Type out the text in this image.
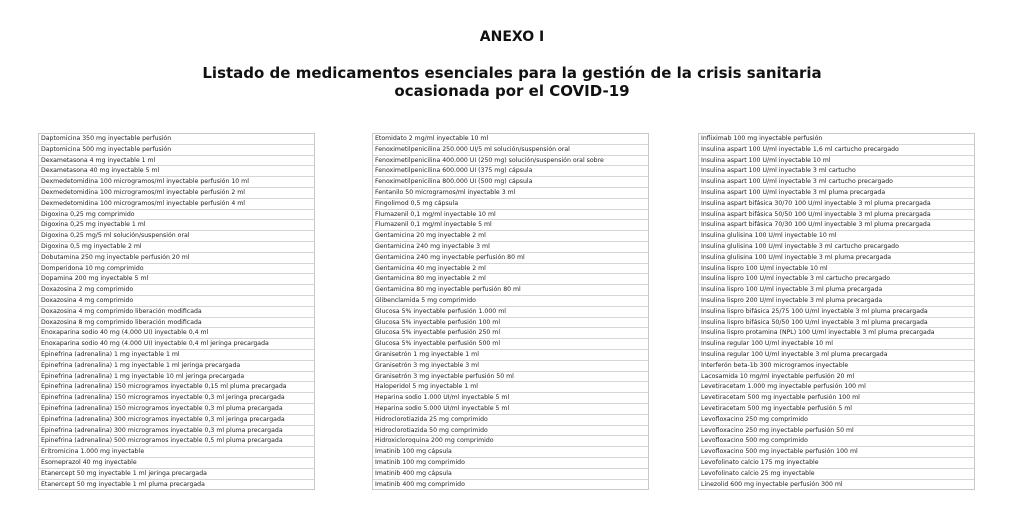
ANEXO I
Listado de medicamentos esenciales para la gestión de la crisis sanitaria
ocasionada por el COVID-19
Daptomicina 350 mg inyectable perfusión
Daptomicina 500 mg inyectable perfusión
Dexametasona 4 mg inyectable 1 ml
Dexametasona 40 mg inyectable 5 ml
Dexmedetomidina 100 microgramos/ml inyectable perfusión 10 ml
Dexmedetomidina 100 microgramos/ml inyectable perfusión 2 ml
Dexmedetomidina 100 microgramos/ml inyectable perfusión 4 ml
Digoxina 0,25 mg comprimido
Digoxina 0,25 mg inyectable 1 ml
Digoxina 0,25 mg/5 ml solución/suspensión oral
Digoxina 0,5 mg inyectable 2 ml
Dobutamina 250 mg inyectable perfusión 20 ml
Domperidona 10 mg comprimido
Dopamina 200 mg inyectable 5 ml
Doxazosina 2 mg comprimido
Doxazosina 4 mg comprimido
Doxazosina 4 mg comprimido liberación modificada
Doxazosina 8 mg comprimido liberación modificada
Enoxaparina sodio 40 mg (4.000 UI) inyectable 0,4 ml
Enoxaparina sodio 40 mg (4.000 UI) inyectable 0,4 ml jeringa precargada
Epinefrina (adrenalina) 1 mg inyectable 1 ml
Epinefrina (adrenalina) 1 mg inyectable 1 ml jeringa precargada
Epinefrina (adrenalina) 1 mg inyectable 10 ml jeringa precargada
Epinefrina (adrenalina) 150 microgramos inyectable 0,15 ml pluma precargada
Epinefrina (adrenalina) 150 microgramos inyectable 0,3 ml jeringa precargada
Epinefrina (adrenalina) 150 microgramos inyectable 0,3 ml pluma precargada
Epinefrina (adrenalina) 300 microgramos inyectable 0,3 ml jeringa precargada
Epinefrina (adrenalina) 300 microgramos inyectable 0,3 ml pluma precargada
Epinefrina (adrenalina) 500 microgramos inyectable 0,5 ml pluma precargada
Eritromicina 1.000 mg inyectable
Esomeprazol 40 mg inyectable
Etanercept 50 mg inyectable 1 ml jeringa precargada
Etanercept 50 mg inyectable 1 ml pluma precargada
Etomidato 2 mg/ml inyectable 10 ml
Fenoximetilpenicilina 250.000 UI/5 ml solución/suspensión oral
Fenoximetilpenicilina 400.000 UI (250 mg) solución/suspensión oral sobre
Fenoximetilpenicilina 600.000 UI (375 mg) cápsula
Fenoximetilpenicilina 800.000 UI (500 mg) cápsula
Fentanilo 50 microgramos/ml inyectable 3 ml
Fingolimod 0,5 mg cápsula
Flumazenil 0,1 mg/ml inyectable 10 ml
Flumazenil 0,1 mg/ml inyectable 5 ml
Gentamicina 20 mg inyectable 2 ml
Gentamicina 240 mg inyectable 3 ml
Gentamicina 240 mg inyectable perfusión 80 ml
Gentamicina 40 mg inyectable 2 ml
Gentamicina 80 mg inyectable 2 ml
Gentamicina 80 mg inyectable perfusión 80 ml
Glibenclamida 5 mg comprimido
Glucosa 5% inyectable perfusión 1.000 ml
Glucosa 5% inyectable perfusión 100 ml
Glucosa 5% inyectable perfusión 250 ml
Glucosa 5% inyectable perfusión 500 ml
Granisetrón 1 mg inyectable 1 ml
Granisetrón 3 mg inyectable 3 ml
Granisetrón 3 mg inyectable perfusión 50 ml
Haloperidol 5 mg inyectable 1 ml
Heparina sodio 1.000 UI/ml inyectable 5 ml
Heparina sodio 5.000 UI/ml inyectable 5 ml
Hidroclorotiazida 25 mg comprimido
Hidroclorotiazida 50 mg comprimido
Hidroxicloroquina 200 mg comprimido
Imatinib 100 mg cápsula
Imatinib 100 mg comprimido
Imatinib 400 mg cápsula
Imatinib 400 mg comprimido
Infliximab 100 mg inyectable perfusión
Insulina aspart 100 U/ml inyectable 1,6 ml cartucho precargado
Insulina aspart 100 U/ml inyectable 10 ml
Insulina aspart 100 U/ml inyectable 3 ml cartucho
Insulina aspart 100 U/ml inyectable 3 ml cartucho precargado
Insulina aspart 100 U/ml inyectable 3 ml pluma precargada
Insulina aspart bifásica 30/70 100 U/ml inyectable 3 ml pluma precargada
Insulina aspart bifásica 50/50 100 U/ml inyectable 3 ml pluma precargada
Insulina aspart bifásica 70/30 100 U/ml inyectable 3 ml pluma precargada
Insulina glulisina 100 U/ml inyectable 10 ml
Insulina glulisina 100 U/ml inyectable 3 ml cartucho precargado
Insulina glulisina 100 U/ml inyectable 3 ml pluma precargada
Insulina lispro 100 U/ml inyectable 10 ml
Insulina lispro 100 U/ml inyectable 3 ml cartucho precargado
Insulina lispro 100 U/ml inyectable 3 ml pluma precargada
Insulina lispro 200 U/ml inyectable 3 ml pluma precargada
Insulina lispro bifásica 25/75 100 U/ml inyectable 3 ml pluma precargada
Insulina lispro bifásica 50/50 100 U/ml inyectable 3 ml pluma precargada
Insulina lispro protamina (NPL) 100 U/ml inyectable 3 ml pluma precargada
Insulina regular 100 U/ml inyectable 10 ml
Insulina regular 100 U/ml inyectable 3 ml pluma precargada
Interferón beta-1b 300 microgramos inyectable
Lacosamida 10 mg/ml inyectable perfusión 20 ml
Levetiracetam 1.000 mg inyectable perfusión 100 ml
Levetiracetam 500 mg inyectable perfusión 100 ml
Levetiracetam 500 mg inyectable perfusión 5 ml
Levofloxacino 250 mg comprimido
Levofloxacino 250 mg inyectable perfusión 50 ml
Levofloxacino 500 mg comprimido
Levofloxacino 500 mg inyectable perfusión 100 ml
Levofolinato calcio 175 mg inyectable
Levofolinato calcio 25 mg inyectable
Linezolid 600 mg inyectable perfusión 300 ml
